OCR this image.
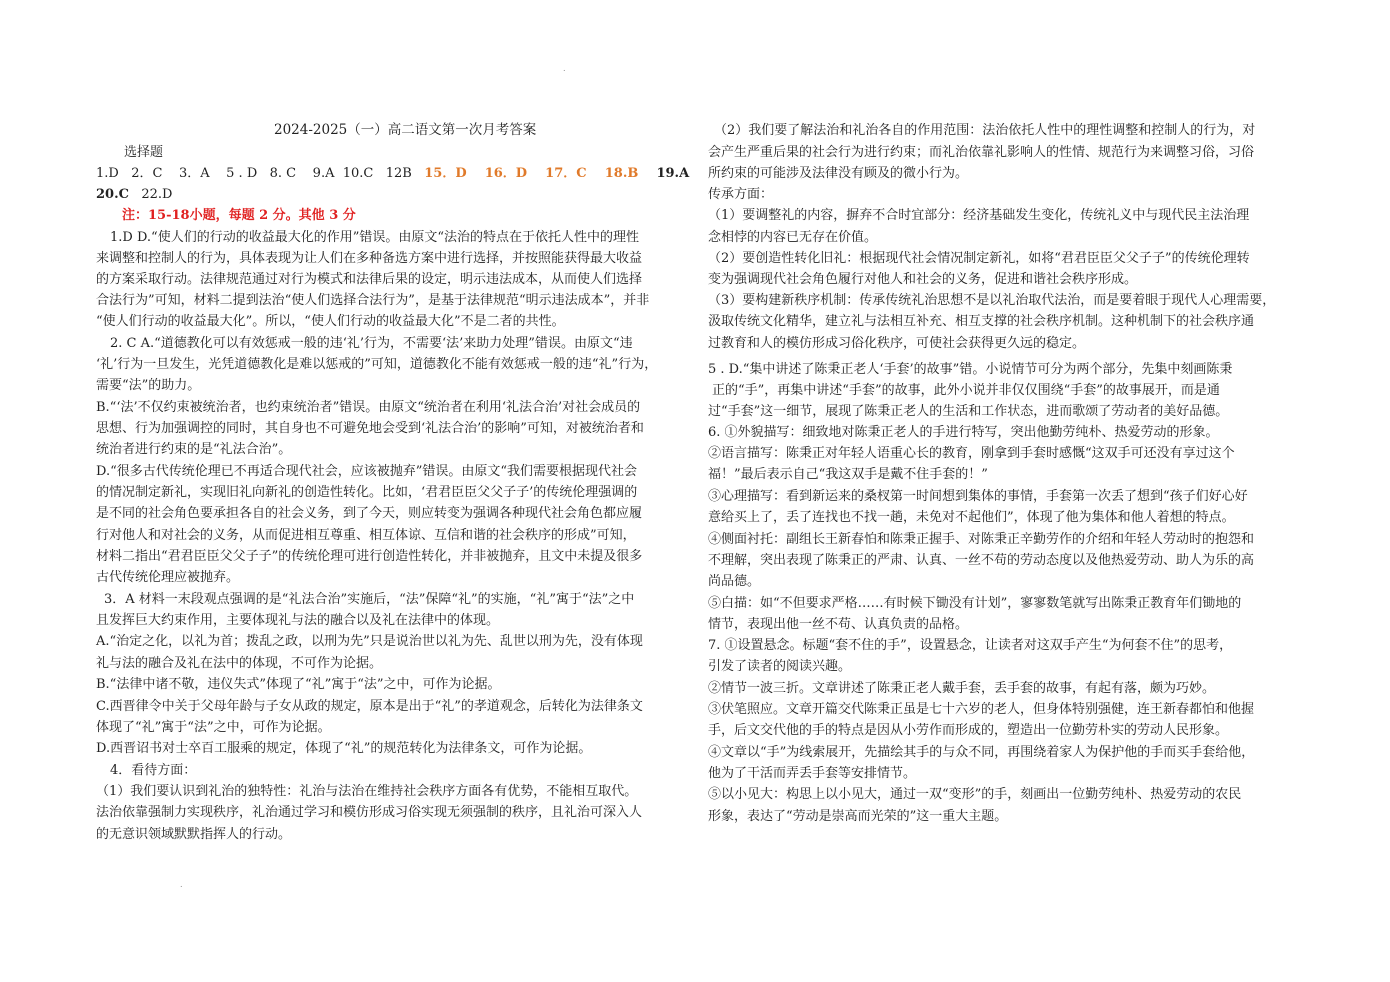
.
.
2024-2025（一）高二语文第一次月考答案
选择题
1.D   2．C    3．A    5 . D   8. C    9.A  10.C   12B   15．D    16．D    17．C    18.B    19.A
20.C   22.D
注：15-18小题，每题 2 分。其他 3 分
1.D D.“使人们的行动的收益最大化的作用”错误。由原文“法治的特点在于依托人性中的理性
来调整和控制人的行为，具体表现为让人们在多种备选方案中进行选择，并按照能获得最大收益
的方案采取行动。法律规范通过对行为模式和法律后果的设定，明示违法成本，从而使人们选择
合法行为”可知，材料二提到法治“使人们选择合法行为”，是基于法律规范“明示违法成本”，并非
“使人们行动的收益最大化”。所以，“使人们行动的收益最大化”不是二者的共性。
2. C A.“道德教化可以有效惩戒一般的违‘礼’行为，不需要‘法’来助力处理”错误。由原文“违
‘礼’行为一旦发生，光凭道德教化是难以惩戒的”可知，道德教化不能有效惩戒一般的违“礼”行为，
需要“法”的助力。
B.“‘法’不仅约束被统治者，也约束统治者”错误。由原文“统治者在利用‘礼法合治’对社会成员的
思想、行为加强调控的同时，其自身也不可避免地会受到‘礼法合治’的影响”可知，对被统治者和
统治者进行约束的是“礼法合治”。
D.“很多古代传统伦理已不再适合现代社会，应该被抛弃”错误。由原文“我们需要根据现代社会
的情况制定新礼，实现旧礼向新礼的创造性转化。比如，‘君君臣臣父父子子’的传统伦理强调的
是不同的社会角色要承担各自的社会义务，到了今天，则应转变为强调各种现代社会角色都应履
行对他人和对社会的义务，从而促进相互尊重、相互体谅、互信和谐的社会秩序的形成”可知，
材料二指出“君君臣臣父父子子”的传统伦理可进行创造性转化，并非被抛弃，且文中未提及很多
古代传统伦理应被抛弃。
3．A 材料一末段观点强调的是“礼法合治”实施后，“法”保障“礼”的实施，“礼”寓于“法”之中
且发挥巨大约束作用，主要体现礼与法的融合以及礼在法律中的体现。
A.“治定之化，以礼为首；拨乱之政，以刑为先”只是说治世以礼为先、乱世以刑为先，没有体现
礼与法的融合及礼在法中的体现，不可作为论据。
B.“法律中诸不敬，违仪失式”体现了“礼”寓于“法”之中，可作为论据。
C.西晋律令中关于父母年龄与子女从政的规定，原本是出于“礼”的孝道观念，后转化为法律条文
体现了“礼”寓于“法”之中，可作为论据。
D.西晋诏书对士卒百工服乘的规定，体现了“礼”的规范转化为法律条文，可作为论据。
4．看待方面：
（1）我们要认识到礼治的独特性：礼治与法治在维持社会秩序方面各有优势，不能相互取代。
法治依靠强制力实现秩序，礼治通过学习和模仿形成习俗实现无须强制的秩序，且礼治可深入人
的无意识领域默默指挥人的行动。
（2）我们要了解法治和礼治各自的作用范围：法治依托人性中的理性调整和控制人的行为，对
会产生严重后果的社会行为进行约束；而礼治依靠礼影响人的性情、规范行为来调整习俗，习俗
所约束的可能涉及法律没有顾及的微小行为。
传承方面：
（1）要调整礼的内容，摒弃不合时宜部分：经济基础发生变化，传统礼义中与现代民主法治理
念相悖的内容已无存在价值。
（2）要创造性转化旧礼：根据现代社会情况制定新礼，如将“君君臣臣父父子子”的传统伦理转
变为强调现代社会角色履行对他人和社会的义务，促进和谐社会秩序形成。
（3）要构建新秩序机制：传承传统礼治思想不是以礼治取代法治，而是要着眼于现代人心理需要，
汲取传统文化精华，建立礼与法相互补充、相互支撑的社会秩序机制。这种机制下的社会秩序通
过教育和人的模仿形成习俗化秩序，可使社会获得更久远的稳定。
5 . D.“集中讲述了陈秉正老人‘手套’的故事”错。小说情节可分为两个部分，先集中刻画陈秉
正的“手”，再集中讲述“手套”的故事，此外小说并非仅仅围绕“手套”的故事展开，而是通
过“手套”这一细节，展现了陈秉正老人的生活和工作状态，进而歌颂了劳动者的美好品德。
6. ①外貌描写：细致地对陈秉正老人的手进行特写，突出他勤劳纯朴、热爱劳动的形象。
②语言描写：陈秉正对年轻人语重心长的教育，刚拿到手套时感慨“这双手可还没有享过这个
福！”最后表示自己“我这双手是戴不住手套的！”
③心理描写：看到新运来的桑杈第一时间想到集体的事情，手套第一次丢了想到“孩子们好心好
意给买上了，丢了连找也不找一趟，未免对不起他们”，体现了他为集体和他人着想的特点。
④侧面衬托：副组长王新春怕和陈秉正握手、对陈秉正辛勤劳作的介绍和年轻人劳动时的抱怨和
不理解，突出表现了陈秉正的严肃、认真、一丝不苟的劳动态度以及他热爱劳动、助人为乐的高
尚品德。
⑤白描：如“不但要求严格……有时候下锄没有计划”，寥寥数笔就写出陈秉正教育年们锄地的
情节，表现出他一丝不苟、认真负责的品格。
7. ①设置悬念。标题“套不住的手”，设置悬念，让读者对这双手产生“为何套不住”的思考，
引发了读者的阅读兴趣。
②情节一波三折。文章讲述了陈秉正老人戴手套，丢手套的故事，有起有落，颇为巧妙。
③伏笔照应。文章开篇交代陈秉正虽是七十六岁的老人，但身体特别强健，连王新春都怕和他握
手，后文交代他的手的特点是因从小劳作而形成的，塑造出一位勤劳朴实的劳动人民形象。
④文章以“手”为线索展开，先描绘其手的与众不同，再围绕着家人为保护他的手而买手套给他，
他为了干活而弄丢手套等安排情节。
⑤以小见大：构思上以小见大，通过一双“变形”的手，刻画出一位勤劳纯朴、热爱劳动的农民
形象，表达了“劳动是崇高而光荣的”这一重大主题。
